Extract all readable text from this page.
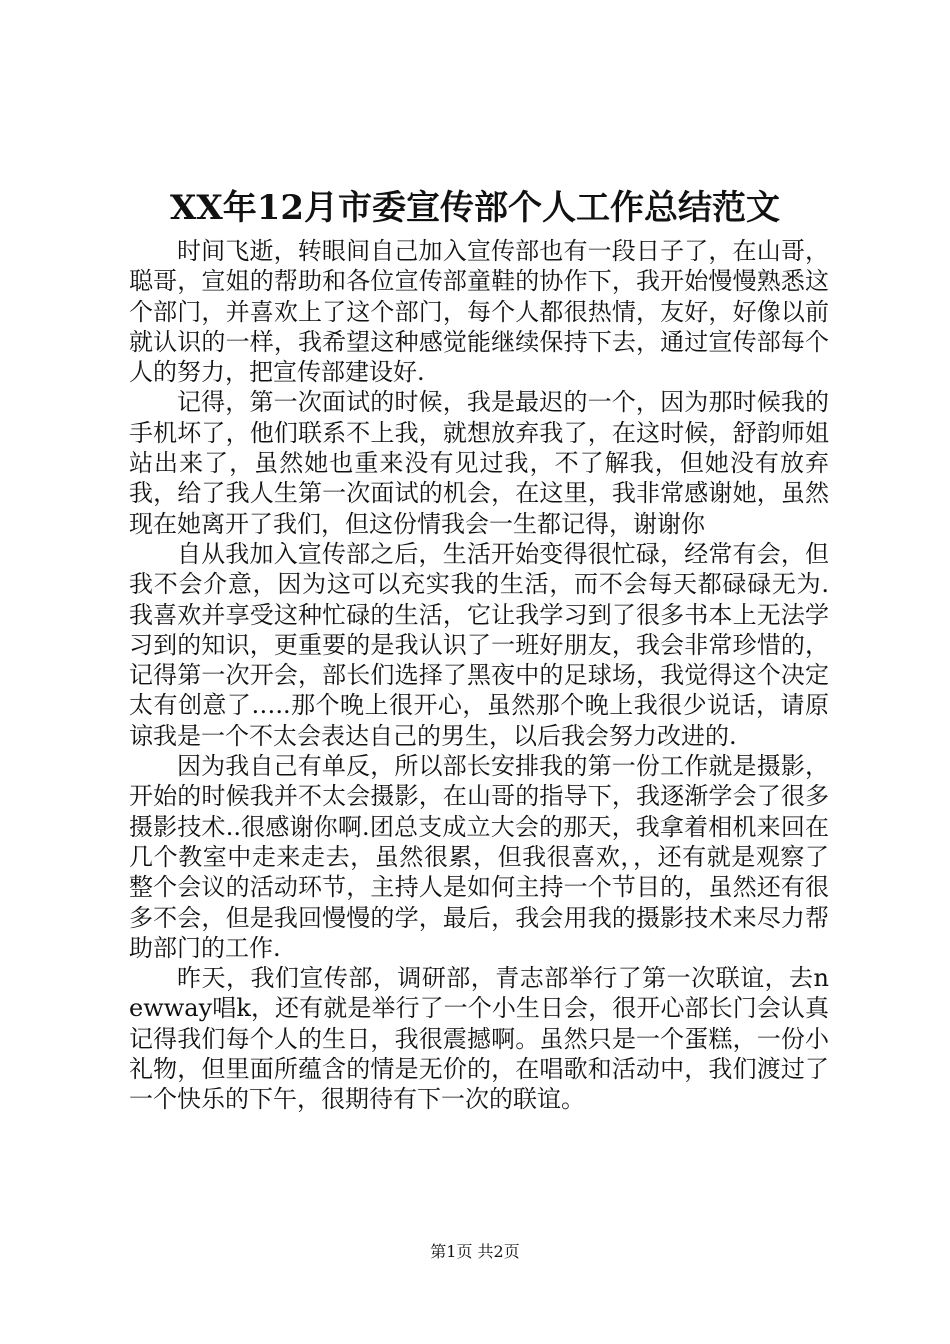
XX年12月市委宣传部个人工作总结范文

时间飞逝，转眼间自己加入宣传部也有一段日子了，在山哥，聪哥，宣姐的帮助和各位宣传部童鞋的协作下，我开始慢慢熟悉这个部门，并喜欢上了这个部门，每个人都很热情，友好，好像以前就认识的一样，我希望这种感觉能继续保持下去，通过宣传部每个人的努力，把宣传部建设好.

记得，第一次面试的时候，我是最迟的一个，因为那时候我的手机坏了，他们联系不上我，就想放弃我了，在这时候，舒韵师姐站出来了，虽然她也重来没有见过我，不了解我，但她没有放弃我，给了我人生第一次面试的机会，在这里，我非常感谢她，虽然现在她离开了我们，但这份情我会一生都记得，谢谢你

自从我加入宣传部之后，生活开始变得很忙碌，经常有会，但我不会介意，因为这可以充实我的生活，而不会每天都碌碌无为.我喜欢并享受这种忙碌的生活，它让我学习到了很多书本上无法学习到的知识，更重要的是我认识了一班好朋友，我会非常珍惜的，记得第一次开会，部长们选择了黑夜中的足球场，我觉得这个决定太有创意了…..那个晚上很开心，虽然那个晚上我很少说话，请原谅我是一个不太会表达自己的男生，以后我会努力改进的.

因为我自己有单反，所以部长安排我的第一份工作就是摄影，开始的时候我并不太会摄影，在山哥的指导下，我逐渐学会了很多摄影技术..很感谢你啊.团总支成立大会的那天，我拿着相机来回在几个教室中走来走去，虽然很累，但我很喜欢，，还有就是观察了整个会议的活动环节，主持人是如何主持一个节目的，虽然还有很多不会，但是我回慢慢的学，最后，我会用我的摄影技术来尽力帮助部门的工作.

昨天，我们宣传部，调研部，青志部举行了第一次联谊，去newway唱k，还有就是举行了一个小生日会，很开心部长门会认真记得我们每个人的生日，我很震撼啊。虽然只是一个蛋糕，一份小礼物，但里面所蕴含的情是无价的，在唱歌和活动中，我们渡过了一个快乐的下午，很期待有下一次的联谊。

第1页 共2页
